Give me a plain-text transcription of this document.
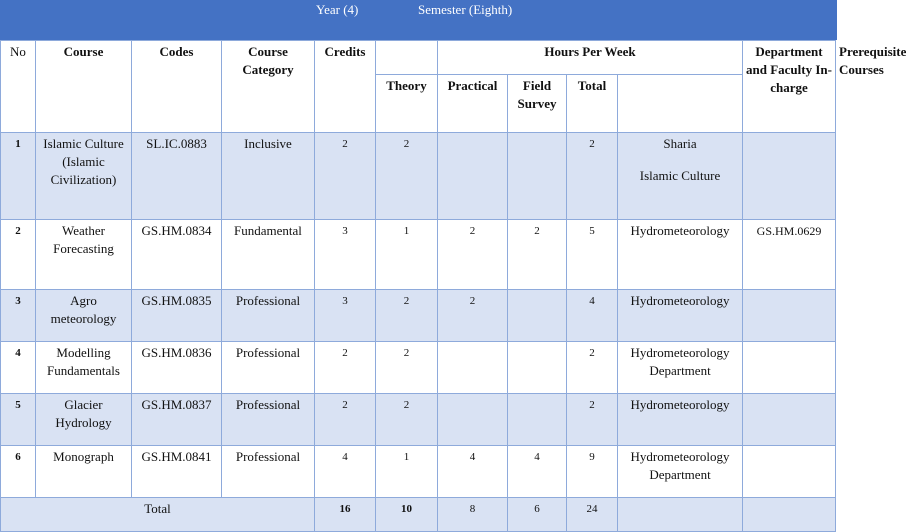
Year (4)	Semester (Eighth)
No	Course	Codes	Course Category	Credits		Hours Per Week				Department and Faculty In-charge	Prerequisite Courses
					Theory	Practical	Field Survey	Total			
1	Islamic Culture (Islamic Civilization)	SL.IC.0883	Inclusive	2	2			2	Sharia
Islamic Culture		

2	Weather Forecasting	GS.HM.0834	Fundamental	3	1	2	2	5	Hydrometeorology	GS.HM.0629	
3	Agro meteorology	GS.HM.0835	Professional	3	2	2		4	Hydrometeorology		
4	Modelling Fundamentals	GS.HM.0836	Professional	2	2			2	Hydrometeorology Department		
5	Glacier Hydrology	GS.HM.0837	Professional	2	2			2	Hydrometeorology		
6	Monograph	GS.HM.0841	Professional	4	1	4	4	9	Hydrometeorology Department		
Total				16	10	8	6	24			
